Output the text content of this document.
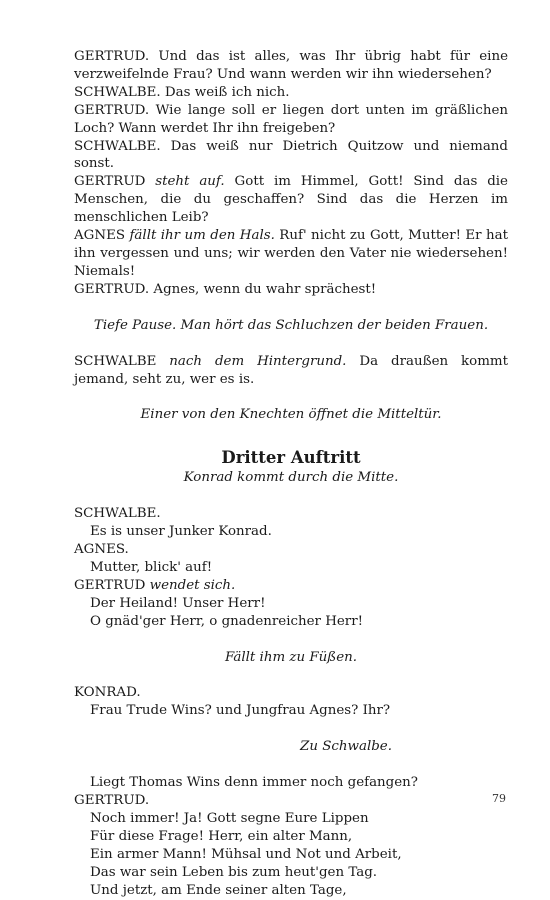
GERTRUD. Und das ist alles, was Ihr übrig habt für eine verzweifelnde Frau? Und wann werden wir ihn wiedersehen?

SCHWALBE. Das weiß ich nich.

GERTRUD. Wie lange soll er liegen dort unten im gräßlichen Loch? Wann werdet Ihr ihn freigeben?

SCHWALBE. Das weiß nur Dietrich Quitzow und niemand sonst.

GERTRUD steht auf. Gott im Himmel, Gott! Sind das die Menschen, die du geschaffen? Sind das die Herzen im menschlichen Leib?

AGNES fällt ihr um den Hals. Ruf' nicht zu Gott, Mutter! Er hat ihn vergessen und uns; wir werden den Vater nie wiedersehen! Niemals!

GERTRUD. Agnes, wenn du wahr sprächest!

Tiefe Pause. Man hört das Schluchzen der beiden Frauen.

SCHWALBE nach dem Hintergrund. Da draußen kommt jemand, seht zu, wer es is.

Einer von den Knechten öffnet die Mitteltür.

Dritter Auftritt

Konrad kommt durch die Mitte.

SCHWALBE.

Es is unser Junker Konrad.

AGNES.

Mutter, blick' auf!

GERTRUD wendet sich.

Der Heiland! Unser Herr!

O gnäd'ger Herr, o gnadenreicher Herr!

Fällt ihm zu Füßen.

KONRAD.

Frau Trude Wins? und Jungfrau Agnes? Ihr?

Zu Schwalbe.

Liegt Thomas Wins denn immer noch gefangen?

GERTRUD.

Noch immer! Ja! Gott segne Eure Lippen

Für diese Frage! Herr, ein alter Mann,

Ein armer Mann! Mühsal und Not und Arbeit,

Das war sein Leben bis zum heut'gen Tag.

Und jetzt, am Ende seiner alten Tage,

79
